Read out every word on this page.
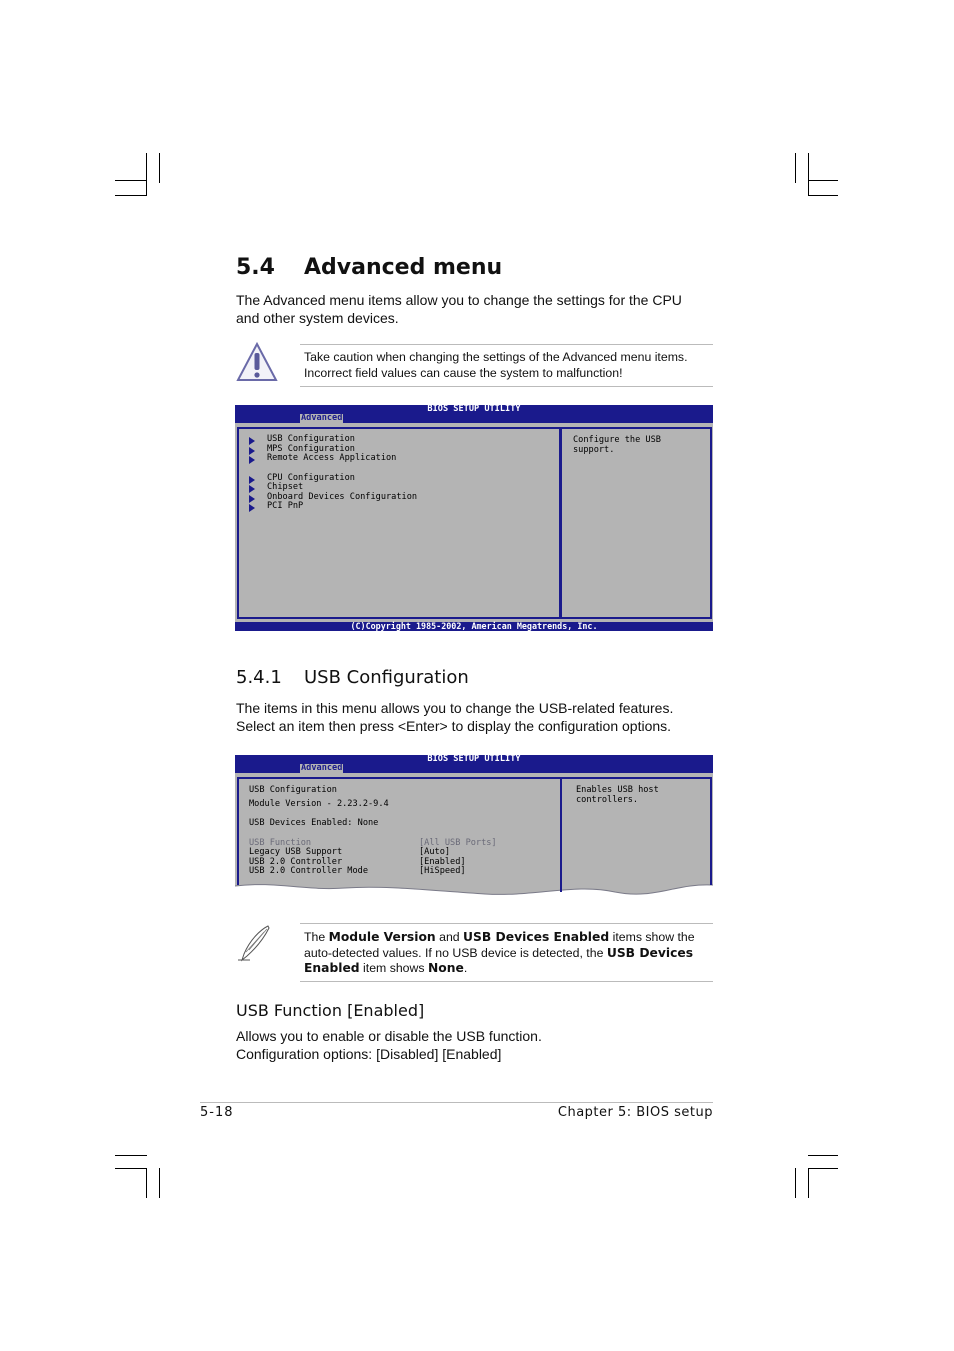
5.4 Advanced menu
The Advanced menu items allow you to change the settings for the CPU
and other system devices.
Take caution when changing the settings of the Advanced menu items.
Incorrect field values can cause the system to malfunction!
BIOS SETUP UTILITY
Advanced
USB Configuration
MPS Configuration
Remote Access Application
CPU Configuration
Chipset
Onboard Devices Configuration
PCI PnP
Configure the USB
support.
(C)Copyright 1985-2002, American Megatrends, Inc.
5.4.1 USB Configuration
The items in this menu allows you to change the USB-related features.
Select an item then press <Enter> to display the configuration options.
BIOS SETUP UTILITY
Advanced
USB Configuration
Module Version - 2.23.2-9.4
USB Devices Enabled: None
USB Function	[All USB Ports]
Legacy USB Support	[Auto]
USB 2.0 Controller	[Enabled]
USB 2.0 Controller Mode	[HiSpeed]
Enables USB host
controllers.
The Module Version and USB Devices Enabled items show the
auto-detected values. If no USB device is detected, the USB Devices
Enabled item shows None.
USB Function [Enabled]
Allows you to enable or disable the USB function.
Configuration options: [Disabled] [Enabled]
5-18	Chapter 5: BIOS setup
